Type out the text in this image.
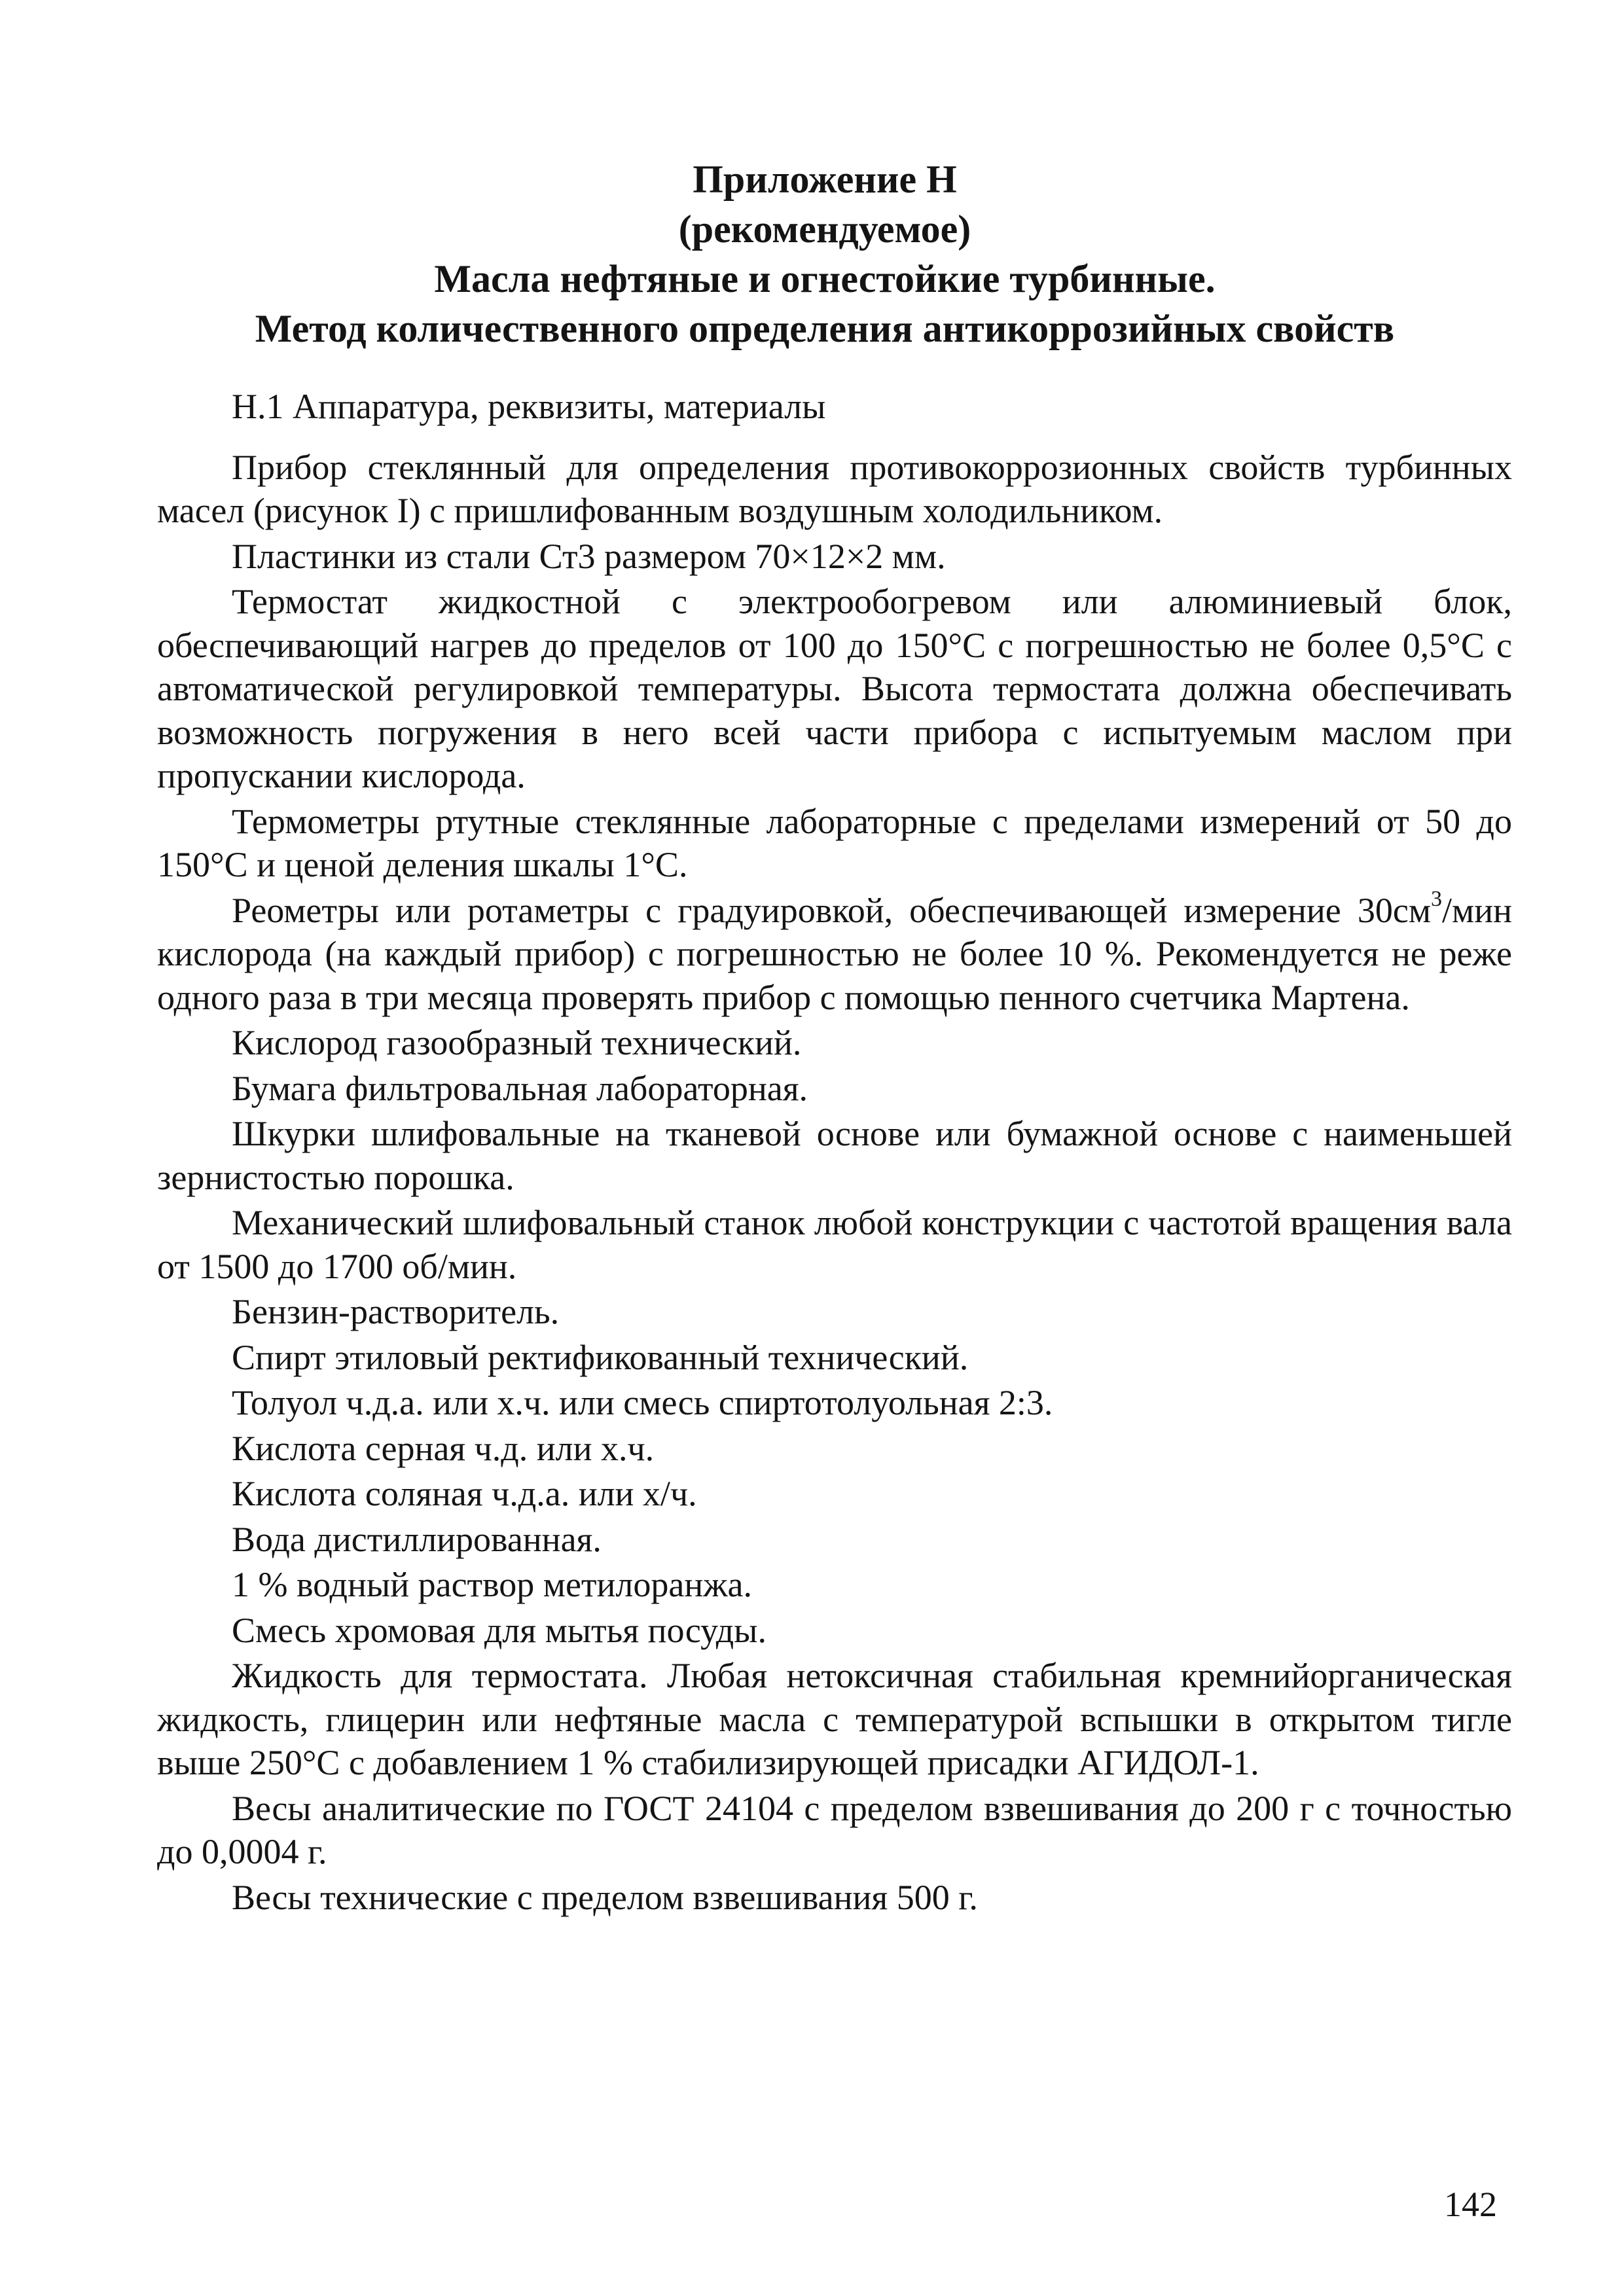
Приложение Н
(рекомендуемое)
Масла нефтяные и огнестойкие турбинные.
Метод количественного определения антикоррозийных свойств

Н.1 Аппаратура, реквизиты, материалы

Прибор стеклянный для определения противокоррозионных свойств турбинных масел (рисунок I) с пришлифованным воздушным холодильником.

Пластинки из стали Ст3 размером 70×12×2 мм.

Термостат жидкостной с электрообогревом или алюминиевый блок, обеспечивающий нагрев до пределов от 100 до 150°С с погрешностью не более 0,5°С с автоматической регулировкой температуры. Высота термостата должна обеспечивать возможность погружения в него всей части прибора с испытуемым маслом при пропускании кислорода.

Термометры ртутные стеклянные лабораторные с пределами измерений от 50 до 150°С и ценой деления шкалы 1°С.

Реометры или ротаметры с градуировкой, обеспечивающей измерение $30см^3$/мин кислорода (на каждый прибор) с погрешностью не более 10 %. Рекомендуется не реже

одного раза в три месяца проверять прибор с помощью пенного счетчика Мартена.

Кислород газообразный технический.

Бумага фильтровальная лабораторная.

Шкурки шлифовальные на тканевой основе или бумажной основе с наименьшей зернистостью порошка.

Механический шлифовальный станок любой конструкции с частотой вращения вала от 1500 до 1700 об/мин.

Бензин-растворитель.

Спирт этиловый ректификованный технический.

Толуол ч.д.а. или х.ч. или смесь спиртотолуольная 2:3.

Кислота серная ч.д. или х.ч.

Кислота соляная ч.д.а. или х/ч.

Вода дистиллированная.

1 % водный раствор метилоранжа.

Смесь хромовая для мытья посуды.

Жидкость для термостата. Любая нетоксичная стабильная кремнийорганическая жидкость, глицерин или нефтяные масла с температурой вспышки в открытом тигле выше 250°С с добавлением 1 % стабилизирующей присадки АГИДОЛ-1.

Весы аналитические по ГОСТ 24104 с пределом взвешивания до 200 г с точностью до 0,0004 г.

Весы технические с пределом взвешивания 500 г.

142
